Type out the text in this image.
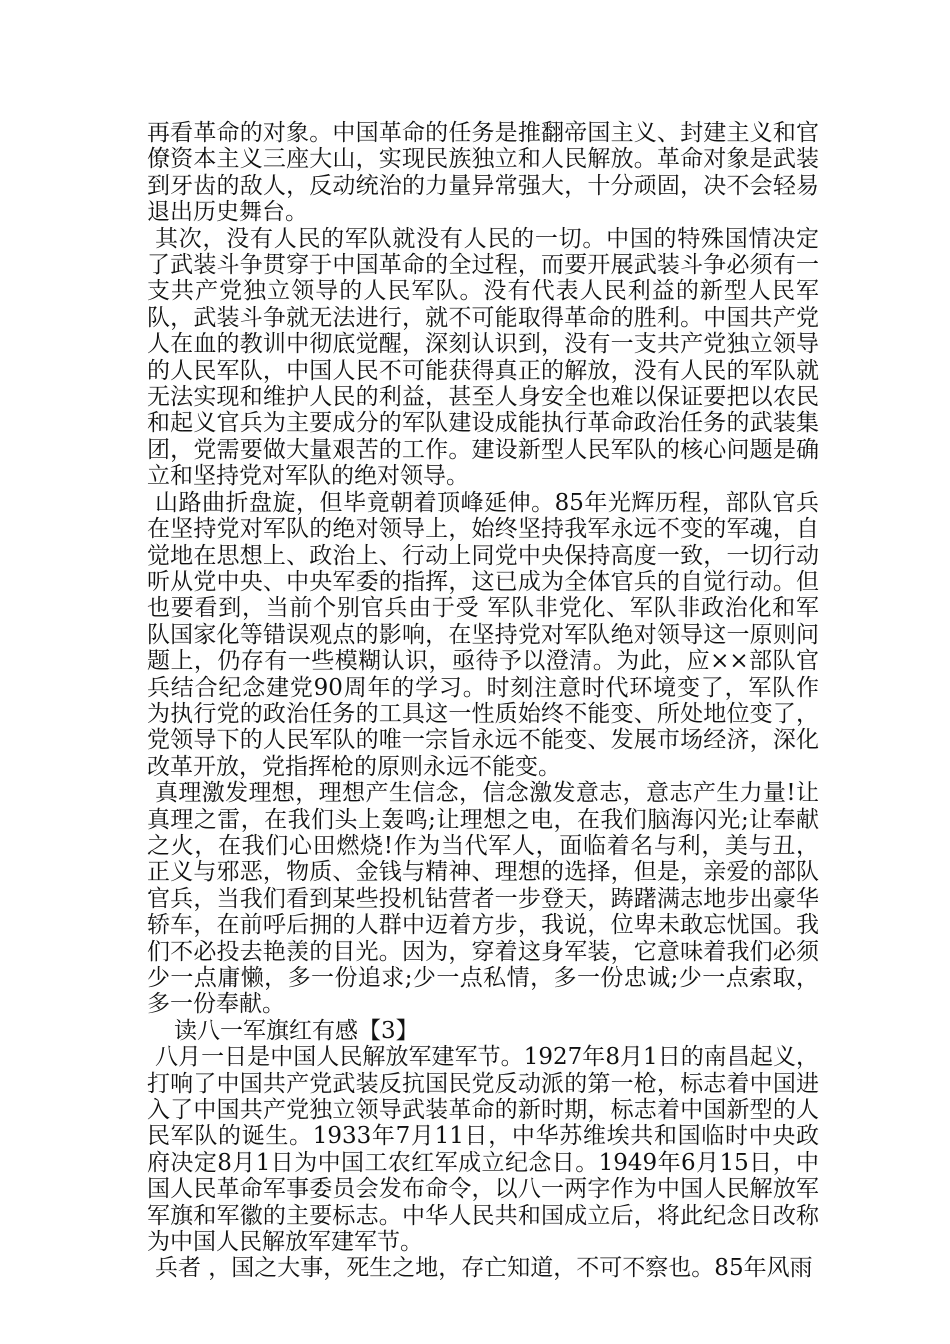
再看革命的对象。中国革命的任务是推翻帝国主义、封建主义和官僚资本主义三座大山，实现民族独立和人民解放。革命对象是武装到牙齿的敌人，反动统治的力量异常强大，十分顽固，决不会轻易退出历史舞台。

其次，没有人民的军队就没有人民的一切。中国的特殊国情决定了武装斗争贯穿于中国革命的全过程，而要开展武装斗争必须有一支共产党独立领导的人民军队。没有代表人民利益的新型人民军队，武装斗争就无法进行，就不可能取得革命的胜利。中国共产党人在血的教训中彻底觉醒，深刻认识到，没有一支共产党独立领导的人民军队，中国人民不可能获得真正的解放，没有人民的军队就无法实现和维护人民的利益，甚至人身安全也难以保证要把以农民和起义官兵为主要成分的军队建设成能执行革命政治任务的武装集团，党需要做大量艰苦的工作。建设新型人民军队的核心问题是确立和坚持党对军队的绝对领导。

山路曲折盘旋，但毕竟朝着顶峰延伸。85年光辉历程，部队官兵在坚持党对军队的绝对领导上，始终坚持我军永远不变的军魂，自觉地在思想上、政治上、行动上同党中央保持高度一致，一切行动听从党中央、中央军委的指挥，这已成为全体官兵的自觉行动。但也要看到，当前个别官兵由于受 军队非党化、军队非政治化和军队国家化等错误观点的影响，在坚持党对军队绝对领导这一原则问题上，仍存有一些模糊认识，亟待予以澄清。为此，应××部队官兵结合纪念建党90周年的学习。时刻注意时代环境变了，军队作为执行党的政治任务的工具这一性质始终不能变、所处地位变了，党领导下的人民军队的唯一宗旨永远不能变、发展市场经济，深化改革开放，党指挥枪的原则永远不能变。

真理激发理想，理想产生信念，信念激发意志，意志产生力量!让真理之雷，在我们头上轰鸣;让理想之电，在我们脑海闪光;让奉献之火，在我们心田燃烧!作为当代军人，面临着名与利，美与丑，正义与邪恶，物质、金钱与精神、理想的选择，但是，亲爱的部队官兵，当我们看到某些投机钻营者一步登天，踌躇满志地步出豪华轿车，在前呼后拥的人群中迈着方步，我说，位卑未敢忘忧国。我们不必投去艳羡的目光。因为，穿着这身军装，它意味着我们必须少一点庸懒，多一份追求;少一点私情，多一份忠诚;少一点索取，多一份奉献。

读八一军旗红有感【3】

八月一日是中国人民解放军建军节。1927年8月1日的南昌起义，打响了中国共产党武装反抗国民党反动派的第一枪，标志着中国进入了中国共产党独立领导武装革命的新时期，标志着中国新型的人民军队的诞生。1933年7月11日，中华苏维埃共和国临时中央政府决定8月1日为中国工农红军成立纪念日。1949年6月15日，中国人民革命军事委员会发布命令，以八一两字作为中国人民解放军军旗和军徽的主要标志。中华人民共和国成立后，将此纪念日改称为中国人民解放军建军节。

兵者 ，国之大事，死生之地，存亡知道，不可不察也。85年风雨
